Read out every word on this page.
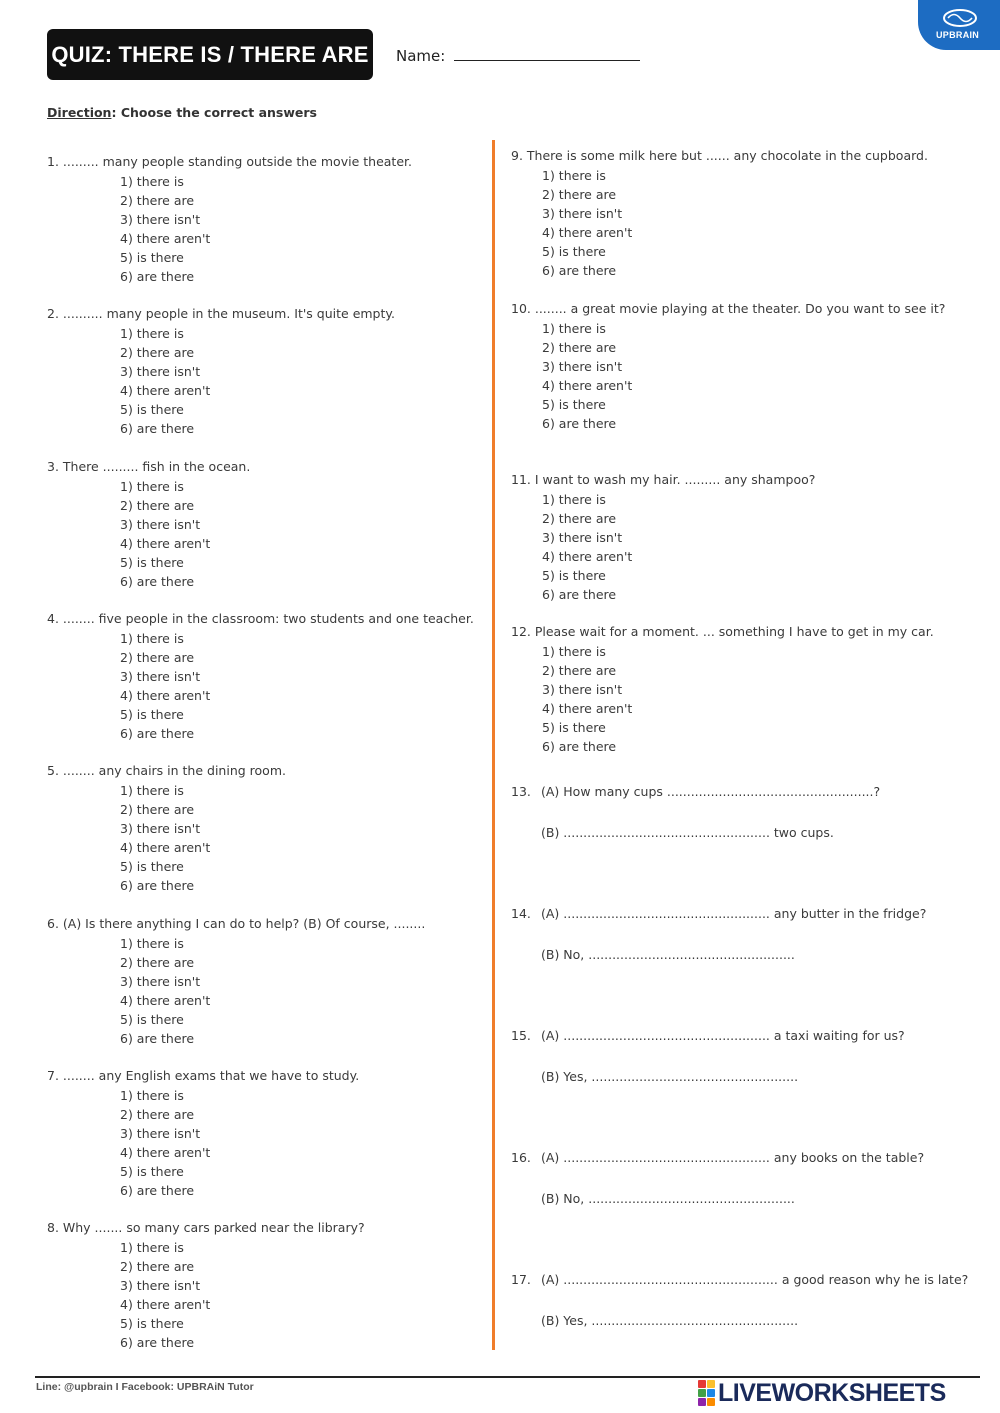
QUIZ: THERE IS / THERE ARE Name:
UPBRAIN
Direction: Choose the correct answers
1. ......... many people standing outside the movie theater.
1) there is
2) there are
3) there isn't
4) there aren't
5) is there
6) are there
2. .......... many people in the museum. It's quite empty.
1) there is
2) there are
3) there isn't
4) there aren't
5) is there
6) are there
3. There ......... fish in the ocean.
1) there is
2) there are
3) there isn't
4) there aren't
5) is there
6) are there
4. ........ five people in the classroom: two students and one teacher.
1) there is
2) there are
3) there isn't
4) there aren't
5) is there
6) are there
5. ........ any chairs in the dining room.
1) there is
2) there are
3) there isn't
4) there aren't
5) is there
6) are there
6. (A) Is there anything I can do to help? (B) Of course, ........
1) there is
2) there are
3) there isn't
4) there aren't
5) is there
6) are there
7. ........ any English exams that we have to study.
1) there is
2) there are
3) there isn't
4) there aren't
5) is there
6) are there
8. Why ....... so many cars parked near the library?
1) there is
2) there are
3) there isn't
4) there aren't
5) is there
6) are there
9. There is some milk here but ...... any chocolate in the cupboard.
1) there is
2) there are
3) there isn't
4) there aren't
5) is there
6) are there
10. ........ a great movie playing at the theater. Do you want to see it?
1) there is
2) there are
3) there isn't
4) there aren't
5) is there
6) are there
11. I want to wash my hair. ......... any shampoo?
1) there is
2) there are
3) there isn't
4) there aren't
5) is there
6) are there
12. Please wait for a moment. ... something I have to get in my car.
1) there is
2) there are
3) there isn't
4) there aren't
5) is there
6) are there
13. (A) How many cups ....................................................?
(B) .................................................... two cups.
14. (A) .................................................... any butter in the fridge?
(B) No, ....................................................
15. (A) .................................................... a taxi waiting for us?
(B) Yes, ....................................................
16. (A) .................................................... any books on the table?
(B) No, ....................................................
17. (A) ...................................................... a good reason why he is late?
(B) Yes, ....................................................
Line: @upbrain I Facebook: UPBRAiN Tutor	LIVEWORKSHEETS
